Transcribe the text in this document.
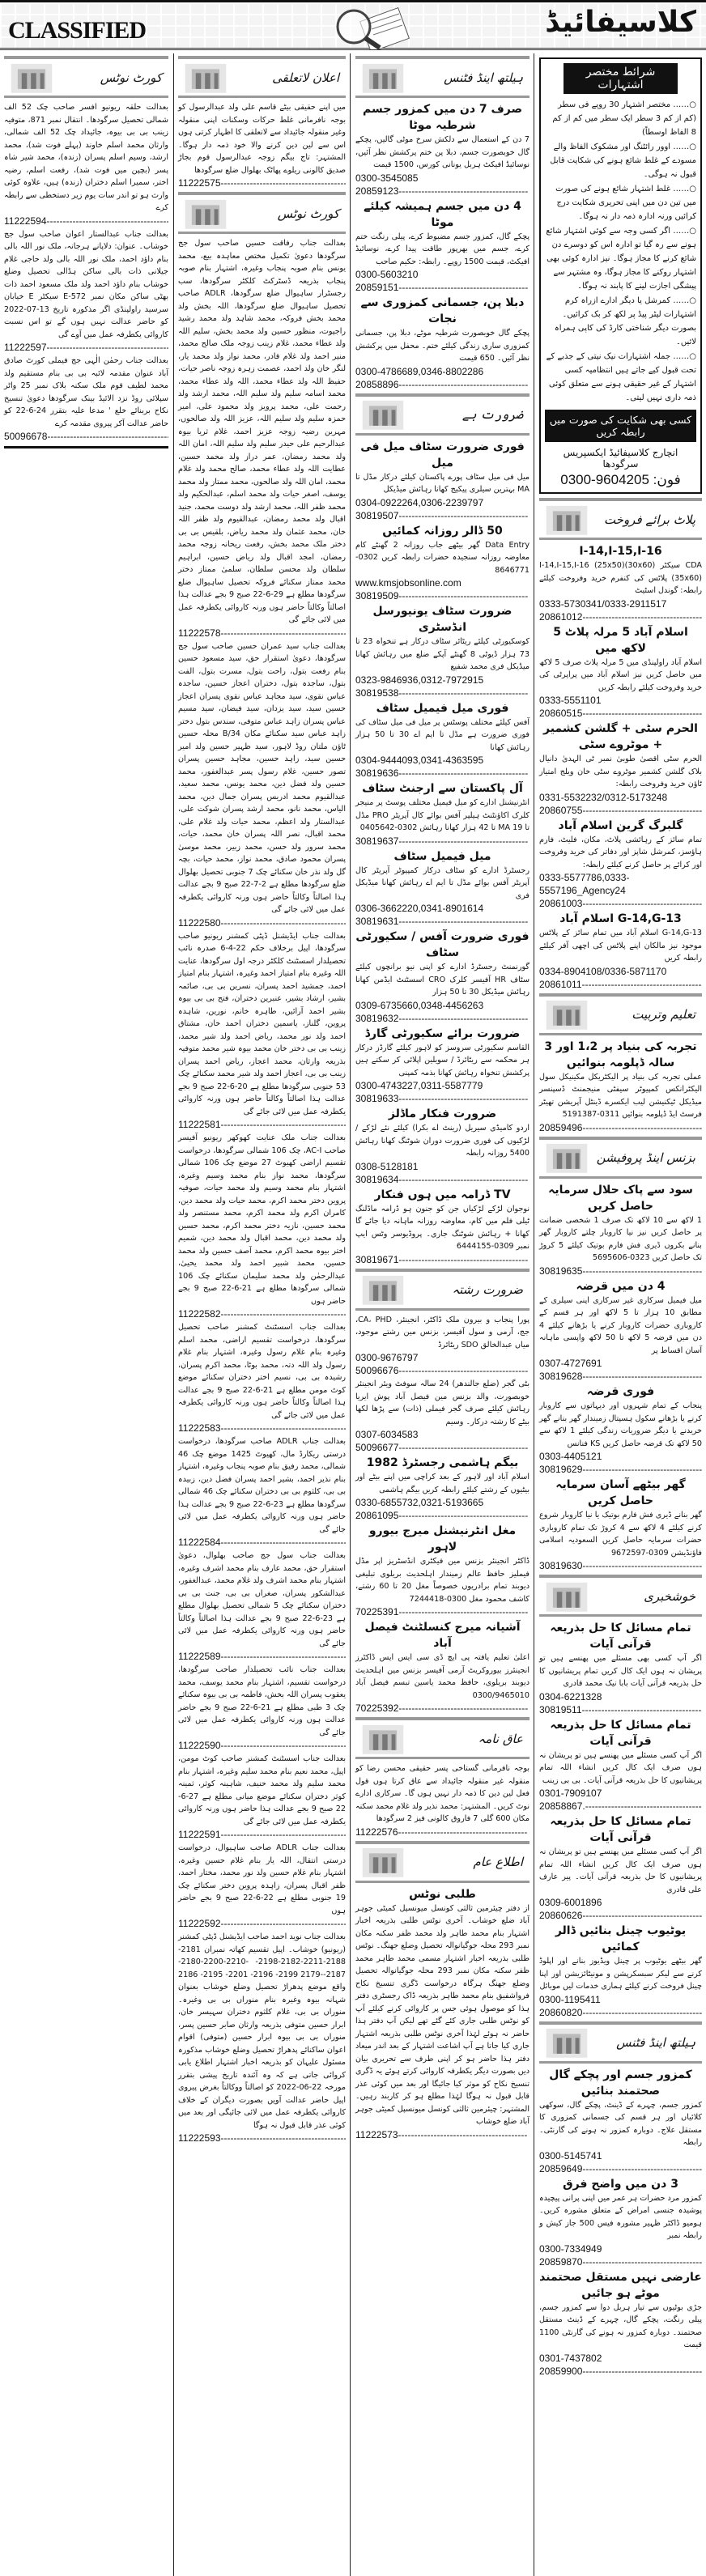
CLASSIFIED	کلاسیفائیڈ
کورٹ نوٹس
بعدالت حلقہ ریونیو افسر صاحب چک 52 الف شمالی تحصیل سرگودھا۔ انتقال نمبر 871، متوفیہ زینب بی بی بیوہ، جائیداد چک 52 الف شمالی، وارثان محمد اسلم خاوند (پہلے فوت شد)، محمد ارشد، وسیم اسلم پسران (زندہ)، محمد شیر شاہ پسر (بچپن میں فوت شد)، رفعت اسلم، رضیہ اختر، سمیرا اسلم دختران (زندہ) ہیں، علاوہ کوئی وارث ہو تو اندر سات یوم زیر دستخطی سے رابطہ کرے
11222594 -----
بعدالت جناب عبدالستار اعوان صاحب سول جج خوشاب۔ عنوان: دلاپانے ہرجانہ، ملک نور اللہ بالی بنام داؤد احمد، ملک نور اللہ بالی ولد حاجی غلام جیلانی ذات بالی ساکن ہڈالی تحصیل وضلع خوشاب بنام داؤد احمد ولد ملک مسعود احمد ذات بھٹی ساکن مکان نمبر 572-E سیکٹر E خیابان سرسید راولپنڈی اگر مذکورہ تاریخ 13-07-2022 کو حاضر عدالت نہیں ہوں گے تو اس نسبت کاروائی یکطرفہ عمل میں آوے گی
11222597 -----
بعدالت جناب رحمٰن الٰہی جج فیملی کورٹ صادق آباد عنوان مقدمہ لائبہ بی بی بنام مستقیم ولد محمد لطیف قوم ملک سکنہ بلاک نمبر 25 واٹر سپلائی روڈ نزد الائیڈ بینک سرگودھا دعویٰ تنسیخ نکاح بربنائے خلع ' مدعا علیہ بتقرر 24-6-22 کو حاضر عدالت آکر پیروی مقدمہ کرے
50096678 -----
اعلان لاتعلقی
میں اپنے حقیقی بیٹے قاسم علی ولد عبدالرسول کو بوجہ نافرمانی غلط حرکات وسکنات اپنی منقولہ وغیر منقولہ جائیداد سے لاتعلقی کا اظہار کرتی ہوں اس سے لین دین کرنے والا خود ذمہ دار ہوگا۔ المشتہر: تاج بیگم زوجہ عبدالرسول قوم بجاڑ صدیق کالونی ریلوے پھاٹک بھلوال ضلع سرگودھا
11222575 -----
کورٹ نوٹس
بعدالت جناب رفاقت حسین صاحب سول جج سرگودھا دعویٰ تکمیل مختص معاہدہ بیع، محمد یونس بنام صوبہ پنجاب وغیرہ، اشتہار بنام صوبہ پنجاب بذریعہ ڈسٹرکٹ کلکٹر سرگودھا، سب رجسٹرار ساہیوال ضلع سرگودھا، ADLR صاحب تحصیل ساہیوال ضلع سرگودھا، اللہ بخش ولد محمد بخش فروکہ، محمد شاہد ولد محمد رشید راجپوت، منظور حسین ولد محمد بخش، سلیم اللہ ولد عطاء محمد، غلام زینب زوجہ ملک صالح محمد، منیر احمد ولد غلام قادر، محمد نواز ولد محمد یار، لنگر خان ولد احمد، عصمت زہرہ زوجہ ناصر حیات، حفیظ اللہ ولد عطاء محمد، اللہ ولد عطاء محمد، محمد اسامہ سلیم ولد سلیم اللہ، محمد ارشد ولد رحمت علی، محمد پرویز ولد محمود علی، امیر حمزہ سلیم ولد سلیم اللہ، عزیز اللہ ولد صالحوں، مہرین رضیہ زوجہ عزیز احمد، غلام ثریا بیوہ عبدالرحیم علی حیدر سلیم ولد سلیم اللہ، امان اللہ ولد محمد رمضان، عمر دراز ولد محمد حسین، عطایت اللہ ولد عطاء محمد، صالح محمد ولد غلام محمد، امان اللہ ولد صالحوں، محمد ممتاز ولد محمد یوسف، اصغر حیات ولد محمد اسلم، عبدالحکیم ولد محمد ظفر اللہ، محمد ارشد ولد دوست محمد، جنید اقبال ولد محمد رمضان، عبدالقیوم ولد ظفر اللہ خان، محمد عثمان ولد محمد ریاض، بلقیس بی بی دختر ملک محمد بخش، رفعت ریحانہ زوجہ محمد رمضان، امجد اقبال ولد ریاض حسین، ابراہیم سلطان ولد محسن سلطان، سلمیٰ ممتاز دختر محمد ممتاز سکنائے فروکہ تحصیل ساہیوال ضلع سرگودھا مطلع ہے 29-6-22 صبح 9 بجے عدالت ہذا اصالتاً وکالتاً حاضر ہوں ورنہ کاروائی یکطرفہ عمل میں لائی جائے گی
11222578 -----
بعدالت جناب سید عمران حسین صاحب سول جج سرگودھا، دعویٰ استقرار حق، سید مسعود حسین بنام رفعت بتول، راحت بتول، مسرت بتول، الفت بتول، ساجدہ بتول، دختران اعجاز حسین، ساجدہ عباس نقوی، سید مجاہد عباس نقوی پسران اعجاز حسین سید، سید یزدان، سید فیضان، سید مسیم عباس پسران زاہد عباس متوفی، سندس بتول دختر زاہد عباس سید سکنائے مکان 34/B محلہ حسین ٹاؤن ملتان روڈ لاہور، سید ظہیر حسین ولد امیر حسین سید، زاہد حسین، مجاہد حسین پسران تصور حسین، غلام رسول پسر عبدالغفور، محمد حسین ولد فضل دین، محمد یونس، محمد سعید، عبدالقیوم محمد ادریس پسران جمال دین، محمد الیاس، محمد نانو، محمد ارشد پسران شوکت علی، عبدالستار ولد اعظم، محمد حیات ولد غلام علی، محمد اقبال، نصر اللہ پسران خان محمد، حیات، محمد سرور ولد حسن، محمد زبیر، محمد موسیٰ پسران محمود صادق، محمد نواز، محمد حیات، بچہ گل ولد نذر خان سکنائے چک 7 جنوبی تحصیل بھلوال ضلع سرگودھا مطلع ہے 2-7-22 صبح 9 بجے عدالت ہذا اصالتاً وکالتاً حاضر ہوں ورنہ کاروائی یکطرفہ عمل میں لائی جائے گی
11222580 -----
بعدالت جناب ایڈیشنل ڈپٹی کمشنر ریونیو صاحب سرگودھا، اپیل برخلاف حکم 22-4-6 صدرہ نائب تحصیلدار اسسٹنٹ کلکٹر درجہ اول سرگودھا، عنایت اللہ وغیرہ بنام امتیاز احمد وغیرہ، اشتہار بنام امتیاز احمد، جمشید احمد پسران، نسرین بی بی، صائمہ بشیر، ارشاد بشیر، عنبرین دختران، فتح بی بی بیوہ بشیر احمد آرائیں، طاہرہ خانم، نورین، شاہدہ پروین، گلناز، یاسمین دختران احمد خان، مشتاق احمد ولد نور محمد، ریاض احمد ولد شیر محمد، زینب بی بی دختر خان محمد بیوہ شیر محمد متوفیہ بذریعہ وارثان، محمد اعجاز، ریاض احمد پسران زینب بی بی، اعجاز احمد ولد شیر محمد سکنائے چک 53 جنوبی سرگودھا مطلع ہے 20-6-22 صبح 9 بجے عدالت ہذا اصالتاً وکالتاً حاضر ہوں ورنہ کاروائی یکطرفہ عمل میں لائی جائے گی
11222581 -----
بعدالت جناب ملک عنایت کھوکھر ریونیو آفیسر صاحب AC-I، چک 106 شمالی سرگودھا، درخواست تقسیم اراضی کھیوٹ 27 موضع چک 106 شمالی سرگودھا، محمد نواز بنام محمد وسیم وغیرہ، اشتہار بنام محمد وسیم ولد محمد حیات، صوفیہ پروین دختر محمد اکرم، محمد حیات ولد محمد دین، کامران اکرم ولد محمد اکرم، محمد مستنصر ولد محمد حسین، نازیہ دختر محمد اکرم، محمد حسین ولد محمد دین، محمد اقبال ولد محمد دین، شمیم اختر بیوہ محمد اکرم، محمد آصف حسین ولد محمد حسین، محمد شبیر احمد ولد محمد یحییٰ، عبدالرحمٰن ولد محمد سلیمان سکنائے چک 106 شمالی سرگودھا مطلع ہے 21-6-22 صبح 9 بجے حاضر ہوں
11222582 -----
بعدالت جناب اسسٹنٹ کمشنر صاحب تحصیل سرگودھا، درخواست تقسیم اراضی، محمد اسلم وغیرہ بنام غلام رسول وغیرہ، اشتہار بنام غلام رسول ولد اللہ دتہ، محمد بوٹا، محمد اکرم پسران، رشیدہ بی بی، نسیم اختر دختران سکنائے موضع کوٹ مومن مطلع ہے 21-6-22 صبح 9 بجے عدالت ہذا اصالتاً وکالتاً حاضر ہوں ورنہ کاروائی یکطرفہ عمل میں لائی جائے گی
11222583 -----
بعدالت جناب ADLR صاحب سرگودھا، درخواست درستی ریکارڈ مال، کھیوٹ 1425 موضع چک 46 شمالی، محمد رفیق بنام صوبہ پنجاب وغیرہ، اشتہار بنام نذیر احمد، بشیر احمد پسران فضل دین، زبیدہ بی بی، کلثوم بی بی دختران سکنائے چک 46 شمالی سرگودھا مطلع ہے 23-6-22 صبح 9 بجے عدالت ہذا حاضر ہوں ورنہ کاروائی یکطرفہ عمل میں لائی جائے گی
11222584 -----
بعدالت جناب سول جج صاحب بھلوال، دعویٰ استقرار حق، محمد عارف بنام محمد اشرف وغیرہ، اشتہار بنام محمد اشرف ولد غلام محمد، عبدالغفور، عبدالشکور پسران، صغراں بی بی، جنت بی بی دختران سکنائے چک 5 شمالی تحصیل بھلوال مطلع ہے 23-6-22 صبح 9 بجے عدالت ہذا اصالتاً وکالتاً حاضر ہوں ورنہ کاروائی یکطرفہ عمل میں لائی جائے گی
11222589 -----
بعدالت جناب نائب تحصیلدار صاحب سرگودھا، درخواست تقسیم، اشتہار بنام محمد یوسف، محمد یعقوب پسران اللہ بخش، فاطمہ بی بی بیوہ سکنائے چک 3 طبی مطلع ہے 21-6-22 صبح 9 بجے حاضر عدالت ہوں ورنہ کاروائی یکطرفہ عمل میں لائی جائے گی
11222590 -----
بعدالت جناب اسسٹنٹ کمشنر صاحب کوٹ مومن، اپیل، محمد نعیم بنام محمد سلیم وغیرہ، اشتہار بنام محمد سلیم ولد محمد حنیف، شاہینہ کوثر، ثمینہ کوثر دختران سکنائے موضع میانی مطلع ہے 27-6-22 صبح 9 بجے عدالت ہذا حاضر ہوں ورنہ کاروائی یکطرفہ عمل میں لائی جائے گی
11222591 -----
بعدالت جناب ADLR صاحب ساہیوال، درخواست درستی انتقال، اللہ یار بنام غلام حسین وغیرہ، اشتہار بنام غلام حسین ولد نور محمد، مختار احمد، ظفر اقبال پسران، زاہدہ پروین دختر سکنائے چک 19 جنوبی مطلع ہے 22-6-22 صبح 9 بجے حاضر ہوں
11222592 -----
بعدالت جناب نوید احمد صاحب ایڈیشنل ڈپٹی کمشنر (ریونیو) خوشاب۔ اپیل تقسیم کھاتہ نمبران 2181-2188-2211-2182-2198- -2210-2200-2180-2187--2179 2199- 2196- 2201- 2195- 2186 واقع موضع پدھراڑ تحصیل وضلع خوشاب بعنوان شہانہ بیوہ وغیرہ بنام منوراں بی بی وغیرہ۔ منوراں بی بی، غلام کلثوم دختران سہیسر خان، ابرار حسین متوفی بذریعہ وارثان صابر حسین پسر، منوراں بی بی بیوہ ابرار حسین (متوفی) اقوام اعوان ساکنائے پدھراڑ تحصیل وضلع خوشاب مذکورہ مسئول علیہان کو بذریعہ اخبار اشتہار اطلاع یابی کروائی جاتی ہے کہ وہ آئندہ تاریخ پیشی بتقرر مورخہ 22-06-2022 کو اصالتاً ووکالتاً بغرض پیروی اپیل حاضر عدالت آویں بصورت دیگران کے خلاف کاروائی یکطرفہ عمل میں لائی جائیگی اور بعد میں کوئی عذر قابل قبول نہ ہوگا
11222593 -----
ہیلتھ اینڈ فٹنس
صرف 7 دن میں کمزور جسم شرطیہ موٹا
7 دن کے استعمال سے دلکش سرخ موٹی گالیں، پچکے گال خوبصورت جسم، دبلا پن ختم پرکشش نظر آئیں، نوسائیڈ افیکٹ ہربل یونانی کورس، 1500 قیمت
0300-3545085
20859123 -----
4 دن میں جسم ہمیشہ کیلئے موٹا
پچکے گال، کمزور جسم مضبوط کرے، پیلی رنگت ختم کرے، جسم میں بھرپور طاقت پیدا کرے، نوسائیڈ افیکٹ، قیمت 1500 روپے۔ رابطہ: حکیم صاحب
0300-5603210
20859151 -----
دبلا پن، جسمانی کمزوری سے نجات
پچکے گال خوبصورت شرطیہ موٹے، دبلا پن، جسمانی کمزوری ساری زندگی کیلئے ختم۔ محفل میں پرکشش نظر آئیں۔ 650 قیمت
0300-4786689,0346-8802286
20858896 -----
ضرورت ہے
فوری ضرورت سٹاف میل فی میل
میل فی میل سٹاف پورے پاکستان کیلئے درکار مڈل تا MA بہترین سیلری پیکیج کھانا رہائش میڈیکل
0304-0922264,0306-2239797
30819507 -----
50 ڈالر روزانہ کمائیں
Data Entry گھر بیٹھے جاب روزانہ 2 گھنٹے کام معاوضہ روزانہ سنجیدہ حضرات رابطہ کریں 0302-8646771
www.kmsjobsonline.com
30819509 -----
ضرورت سٹاف یونیورسل انڈسٹری
کوسکیورٹی کیلئے ریٹائر سٹاف درکار ہے تنخواہ 23 تا 73 ہزار ڈیوٹی 8 گھنٹے آپکے ضلع میں رہائش کھانا میڈیکل فری محمد شفیع
0323-9846936,0312-7972915
30819538 -----
فوری میل فیمیل سٹاف
آفس کیلئے مختلف پوسٹس پر میل فی میل سٹاف کی فوری ضرورت ہے مڈل تا ایم اے 30 تا 50 ہزار رہائش کھانا
0304-9444093,0341-4363595
30819636 -----
آل پاکستان سے ارجنٹ سٹاف
انٹرنیشنل ادارے کو میل فیمیل مختلف پوسٹ پر منیجر کلرک اکاؤنٹنٹ ہیلپر آفس بوائے کال آپریٹر PRO مڈل تا MA 19 تا 42 ہزار کھانا رہائش 0302-0405642
30819637 -----
میل فیمیل سٹاف
رجسٹرڈ ادارے کو سٹاف درکار کمپیوٹر آپریٹر کال آپریٹر آفس بوائے مڈل تا ایم اے رہائش کھانا میڈیکل فری
0306-3662220,0341-8901614
30819631 -----
فوری ضرورت آفس / سکیورٹی سٹاف
گورنمنٹ رجسٹرڈ ادارے کو اپنی نیو برانچوں کیلئے سٹاف HR آفیسر کلرک CRO اسسٹنٹ ایڈمن کھانا رہائش میڈیکل 30 تا 50 ہزار
0309-6735660,0348-4456263
30819632 -----
ضرورت برائے سکیورٹی گارڈ
القاسم سکیورٹی سروسز کو لاہور کیلئے گارڈز درکار ہر محکمہ سے ریٹائرڈ / سویلین اپلائی کر سکتے ہیں پرکشش تنخواہ رہائش کھانا بذمہ کمپنی
0300-4743227,0311-5587779
30819633 -----
ضرورت فنکار ماڈلز
اردو کامیڈی سیریل (رینٹ اے بکرا) کیلئے نئے لڑکے / لڑکیوں کی فوری ضرورت دوران شوٹنگ کھانا رہائش 5400 روزانہ رابطہ
0308-5128181
30819634 -----
TV ڈرامہ میں ہوں فنکار
نوجوان لڑکے لڑکیاں جن کو جنون ہو ڈرامہ ماڈلنگ ٹیلی فلم میں کام، معاوضہ روزانہ ماہانہ دیا جائے گا کھانا + رہائش شوٹنگ جاری۔ پروڈیوسر وٹس ایپ نمبر 0309-6444155
30819671 -----
ضرورت رشتہ
پورا پنجاب و بیرون ملک ڈاکٹر، انجینئر، CA، PHD، جج، آرمی و سول آفیسر، بزنس مین رشتے موجود، میاں عبدالخالق SDO ریٹائرڈ
0300-9676797
50096676 -----
بٹی گجر (ضلع جالندھر) 24 سالہ سوفٹ ویئر انجینئر خوبصورت، والد بزنس مین فیصل آباد پوش ایریا رہائش کیلئے صرف گجر فیملی (ذات) سے پڑھا لکھا بیٹے کا رشتہ درکار۔ وسیم
0307-6034583
50096677 -----
بیگم ہاشمی رجسٹرڈ 1982
اسلام آباد اور لاہور کے بعد کراچی میں اپنے بیٹے اور بیٹیوں کے رشتے کیلئے رابطہ کریں بیگم ہاشمی
0330-6855732,0321-5193665
20861095 -----
مغل انٹرنیشنل میرج بیورو لاہور
ڈاکٹر انجینئر بزنس مین فیکٹری انڈسٹریز اپر مڈل فیملیز حافظ عالم زمیندار اہلحدیث بریلوی تبلیغی دیوبند تمام برادریوں خصوصاً مغل 20 تا 60 رشتے، کاشف محمود مغل 0300-7244418
70225391 -----
آشیانہ میرج کنسلٹنٹ فیصل آباد
اعلیٰ تعلیم یافتہ پی ایچ ڈی سی ایس ایس ڈاکٹرز انجینئرز بیوروکریٹ آرمی آفیسر بزنس مین اہلحدیث دیوبند بریلوی، حافظ محمد یاسین تبسم فیصل آباد 0300/9465010
70225392 -----
عاق نامہ
بوجہ نافرمانی گستاخی پسر حقیقی محسن رضا کو منقولہ غیر منقولہ جائیداد سے عاق کرتا ہوں قول فعل لین دین کا ذمہ دار نہیں ہوں گا۔ سرکاری ادارے نوٹ کریں۔ المشتہر: محمد نذیر ولد غلام محمد سکنہ مکان 600 گلی 7 فاروق کالونی فیز 2 سرگودھا
11222576 -----
اطلاع عام
طلبی نوٹس
از دفتر چیئرمین ثالثی کونسل میونسپل کمیٹی جوہر آباد ضلع خوشاب۔ آخری نوٹس طلبی بذریعہ اخبار اشتہار بنام محمد طاہر ولد محمد ظفر سکنہ مکان نمبر 293 محلہ جوگیانوالہ تحصیل وضلع جھنگ۔ نوٹس طلبی بذریعہ اخبار اشتہار مسمی محمد طاہر محمد ظفر سکنہ مکان نمبر 293 محلہ جوگیانوالہ تحصیل وضلع جھنگ ہرگاہ درخواست ڈگری تنسیخ نکاح فرواشفیق بنام محمد طاہر بذریعہ ڈاک رجسٹری دفتر ہذا کو موصول ہوئی جس پر کاروائی کرنے کیلئے آپ کو نوٹس طلبی جاری کئے گئے تھے لیکن آپ دفتر ہذا حاضر نہ ہوئے لہٰذا آخری نوٹس طلبی بذریعہ اشتہار جاری کیا جاتا ہے آپ اشاعت اشتہار کے بعد اندر میعاد دفتر ہذا حاضر ہو کر اپنی طرف سے تحریری بیان دیں بصورت دیگر یکطرفہ کاروائی کرتے ہوئے یہ ڈگری تنسیخ نکاح کو موثر کیا جائیگا اور بعد میں کوئی عذر قابل قبول نہ ہوگا لہٰذا مطلع ہو کر کاربند رہیں۔ المشتہر: چیئرمین ثالثی کونسل میونسپل کمیٹی جوہر آباد ضلع خوشاب
11222573 -----
شرائط مختصر اشتہارات
○…… مختصر اشتہار 30 روپے فی سطر (کم از کم 3 سطر ایک سطر میں کم از کم 8 الفاظ اوسطاً)
○…… اوور رائٹنگ اور مشکوک الفاظ والے مسودے کے غلط شائع ہونے کی شکایت قابل قبول نہ ہوگی۔
○…… غلط اشتہار شائع ہونے کی صورت میں تین دن میں اپنی تحریری شکایت درج کرائیں ورنہ ادارہ ذمہ دار نہ ہوگا۔
○…… اگر کسی وجہ سے کوئی اشتہار شائع ہونے سے رہ گیا تو ادارہ اس کو دوسرے دن شائع کرنے کا مجاز ہوگا۔ نیز ادارہ کوئی بھی اشتہار روکنے کا مجاز ہوگا، وہ مشتہر سے پیشگی اجازت لینے کا پابند نہ ہوگا۔
○…… کمرشل یا دیگر ادارے ازراہ کرم اشتہارات لیٹر پیڈ پر لکھ کر بک کرائیں۔ بصورت دیگر شناختی کارڈ کی کاپی ہمراہ لائیں۔
○…… جملہ اشتہارات نیک نیتی کے جذبے کے تحت قبول کیے جاتے ہیں انتظامیہ کسی اشتہار کے غیر حقیقی ہونے سے متعلق کوئی ذمہ داری نہیں لیتی۔
کسی بھی شکایت کی صورت میں رابطہ کریں
انچارج کلاسیفائیڈ ایکسپریس سرگودھا
0300-9604205 :فون
پلاٹ برائے فروخت
I-14,I-15,I-16
CDA سیکٹر I-14,I-15,I-16 (25x50)(30x60)(35x60) پلاٹس کی کنفرم خرید وفروخت کیلئے رابطہ: گوندل اسٹیٹ
0333-5730341/0333-2911517
20861012 -----
اسلام آباد 5 مرلہ پلاٹ 5 لاکھ میں
اسلام آباد راولپنڈی میں 5 مرلہ پلاٹ صرف 5 لاکھ میں حاصل کریں نیز اسلام آباد میں پراپرٹی کی خرید وفروخت کیلئے رابطہ کریں
0333-5551101
20860515 -----
الحرم سٹی + گلشن کشمیر + موٹروے سٹی
الحرم سٹی اقصیٰ طوبیٰ نمبر ٹی الہدیٰ دانیال بلاک گلشن کشمیر موٹروے سٹی خان ویلج امتیاز ٹاؤن خرید وفروخت رابطہ:
0331-5532232/0312-5173248
20860755 -----
گلبرگ گرین اسلام آباد
تمام سائز کے رہائشی پلاٹ، مکان، فلیٹ، فارم ہاؤسز، کمرشل شاپز اور دفاتر کی خرید وفروخت اور کرائے پر حاصل کرنے کیلئے رابطہ:
0333-5577786,0333-5557196_Agency24
20861003 -----
G-14,G-13 اسلام آباد
G-14,G-13 اسلام آباد میں تمام سائز کے پلاٹس موجود نیز مالکان اپنے پلاٹس کی اچھی آفر کیلئے رابطہ کریں
0334-8904108/0336-5871170
20861011 -----
تعلیم وتربیت
تجربہ کی بنیاد پر 1،2 اور 3 سالہ ڈپلومہ بنوائیں
عملی تجربہ کی بنیاد پر الیکٹریکل مکینیکل سول الیکٹرانکس کمپیوٹر سیفٹی منیجمنٹ ڈسپنسر میڈیکل ٹیکنیشن لیب ایکسرے ڈینٹل آپریشن تھیٹر فرسٹ ایڈ ڈپلومہ بنوائیں 0311-5191387
20859496 -----
بزنس اینڈ پروفیشن
سود سے پاک حلال سرمایہ حاصل کریں
1 لاکھ سے 10 لاکھ تک صرف 1 شخصی ضمانت پر حاصل کریں نیز نیا کاروبار چلتے کاروبار گھر بنانے بکروں ڈیری فش فارم بوتیک کیلئے 5 کروڑ تک حاصل کریں 0323-5695606
30819635 -----
4 دن میں قرضہ
میل فیمیل سرکاری غیر سرکاری اپنی سیلری کے مطابق 10 ہزار تا 5 لاکھ اور ہر قسم کے کاروباری حضرات کاروبار کرنے یا بڑھانے کیلئے 4 دن میں قرضہ 5 لاکھ تا 50 لاکھ واپسی ماہانہ آسان اقساط پر
0307-4727691
30819628 -----
فوری قرضہ
پنجاب کے تمام شہروں اور دیہاتوں سے کاروبار کرنے یا بڑھانے سکول ہسپتال زمیندار گھر بنانے گھر خریدنے یا دیگر ضروریات زندگی کیلئے 1 لاکھ سے 50 لاکھ تک قرضہ حاصل کریں KS فنانس
0303-4405121
30819629 -----
گھر بیٹھے آسان سرمایہ حاصل کریں
گھر بنانے ڈیری فش فارم بوتیک یا نیا کاروبار شروع کرنے کیلئے 4 لاکھ سے 4 کروڑ تک تمام کاروباری حضرات سرمایہ حاصل کریں السعودیہ اسلامی فاؤنڈیشن 0309-9672597
30819630 -----
خوشخبری
تمام مسائل کا حل بذریعہ قرآنی آیات
اگر آپ کسی بھی مسئلے میں پھنسے ہیں تو پریشان نہ ہوں ایک کال کریں تمام پریشانیوں کا حل بذریعہ قرآنی آیات بابا نیک محمد قادری
0304-6221328
30819511 -----
تمام مسائل کا حل بذریعہ قرآنی آیات
اگر آپ کسی مسئلے میں پھنسے ہیں تو پریشان نہ ہوں صرف ایک کال کریں انشاء اللہ تمام پریشانیوں کا حل بذریعہ قرآنی آیات۔ بی بی زینب
0301-7909107
20858867. -----
تمام مسائل کا حل بذریعہ قرآنی آیات
اگر آپ کسی مسئلے میں پھنسے ہیں تو پریشان نہ ہوں صرف ایک کال کریں انشاء اللہ تمام پریشانیوں کا حل بذریعہ قرآنی آیات۔ پیر عارف علی قادری
0309-6001896
20860626 -----
یوٹیوب چینل بنائیں ڈالر کمائیں
گھر بیٹھے یوٹیوب پر چینل ویڈیوز بنانے اور اپلوڈ کرنے سے لیکر سبسکرپشن و مونیٹائزیشن اور اپنا چینل فروخت کرنے کیلئے ہماری خدمات لیں موبائل
0300-1195411
20860820 -----
ہیلتھ اینڈ فٹنس
کمزور جسم اور پچکے گال صحتمند بنائیں
کمزور جسم، چہرے کے ڈینٹ، پچکے گال، سوکھی کلائیاں اور ہر قسم کی جسمانی کمزوری کا مستقل علاج۔ دوبارہ کمزور نہ ہونے کی گارنٹی۔ رابطہ
0300-5145741
20859649 -----
3 دن میں واضح فرق
کمزور مرد حضرات ہر عمر میں اپنی پرانی پیچیدہ پوشیدہ جنسی امراض کے متعلق مشورہ کریں۔ ہومیو ڈاکٹر ظہیر مشورہ فیس 500 جاز کیش و رابطہ نمبر
0300-7334949
20859870 -----
عارضی نہیں مستقل صحتمند موٹے ہو جائیں
جڑی بوٹیوں سے تیار ہربل دوا سے کمزور جسم، پیلی رنگت، پچکے گال، چہرے کے ڈینٹ مستقل صحتمند۔ دوبارہ کمزور نہ ہونے کی گارنٹی 1100 قیمت
0301-7437802
20859900 -----
